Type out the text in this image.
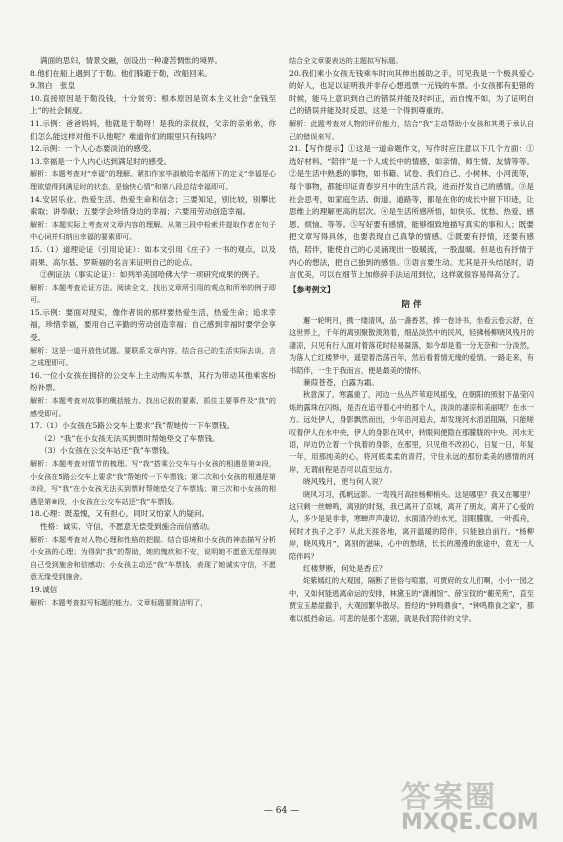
满面的思妇，情景交融，创设出一种凄苦惆怅的境界。
8.他们在船上遇到了于勒。他们躲避于勒，改船回来。
9.煞白　张皇
10.直接原因是于勒没钱，十分贫穷；根本原因是资本主义社会“金钱至上”的社会制度。
11.示例：爸爸妈妈，他就是于勒呀！是我的亲叔叔，父亲的亲弟弟，你们怎么能这样对他不认他呢？难道你们的眼里只有钱吗？
12.示例：一个人心态要淡泊的感受。
13.幸福是一个人内心达到满足时的感受。
解析：本题考查对“幸福”的理解。紧扣作家毕淑敏给幸福所下的定义“幸福是心理欲望得到满足时的状态，是愉快心情”和第八段总结幸福即可。
14.安居乐业、热爱生活、热爱生命和信念；三要知足，别比较，别攀比索取；讲奉献；五要学会珍惜身边的幸福；六要用劳动创造幸福。
解析：本题实际上考查对文章内容的理解。从第三段中检索并提取作者在句子中心词并归纳出幸福的要素即可。
15.（1）道理论证（引用论证）：如本文引用《庄子》一书的观点，以及雨果、高尔基、罗斯福的名言来证明自己的论点。
②例证法（事实论证）：如列举美国哈佛大学一项研究成果的例子。
解析：本题考查论证方法。阅读全文，找出文章所引用的观点和所举的例子即可。
15.示例：要面对现实，像作者说的那样要热爱生活，热爱生命；追求幸福，珍惜幸福，要用自己辛勤的劳动创造幸福；自己感到幸福时要学会享受。
解析：这是一道开放性试题。要联系文章内容，结合自己的生活实际去谈，言之成理即可。
16.一位小女孩在拥挤的公交车上主动购买车票，其行为带动其他乘客纷纷补票。
解析：本题考查对故事的概括能力。找出记叙的要素，抓住主要事件及“我”的感受即可。
17.（1）小女孩在5路公交车上要求“我”帮她传一下车票钱。
（2）“我”在小女孩无法买到票时帮她垫交了车票钱。
（3）小女孩在公交车站还“我”车票钱。
解析：本题考查对情节的梳理。写“我”搭乘公交车与小女孩的相遇是第②段，小女孩在5路公交车上要求“我”帮她传一下车票钱；第二次和小女孩的相遇是第⑦段，写“我”在小女孩无法买到票时帮她垫交了车票钱；第三次和小女孩的相遇是第⑧段，小女孩在公交车站还“我”车票钱。
18.心理：既羞愧，又有担心，同时又怕家人的疑问。
性格：诚实、守信，不愿意无偿受到施合而信感动。
解析：本题考查对人物心理和性格的把握。结合语境和小女孩的神态描写分析小女孩的心理；为得到“我”的帮助，她的愧疚和不安，说明她不愿意无偿得到自己受到施舍和信感动；小女孩主动还“我”车票钱，表现了她诚实守信，不愿意无缘受到施舍。
19.诚信
解析：本题考查拟写标题的能力。文章标题要简洁明了，
结合全文章要表达的主题拟写标题。
20.我们乘小女孩无钱乘车时向其伸出援助之手，可见我是一个极具爱心的好人，也足以证明我并非存心想逃票一元钱的车票。小女孩都有犯错的时候，能马上意识到自己的错误并能及时纠正，而自愧不如，为了证明自己的错误并能及时反思，这是一个得到尊重的。
解析：此题考查对人物的评价能力，结合“我”主动帮助小女孩和其勇于承认自己的错误来写。
21.【写作提示】①这是一道命题作文，写作时应注意以下几个方面：①选好材料。“陪伴”是一个人成长中的情感，如亲情、师生情、友情等等。②是生活中熟悉的事物，如书籍、试卷、我们自己、小树林、小河流等，每个事物，都能印证青春岁月中的生活片段，进而抒发自己的感情。③是社会思考，如家庭生活、街道、道路等，都是在你的成长中留下印迹，让思维上的理解更高的层次。④是生活所感所悟，如快乐、忧愁、热爱、感恩、烦恼、等等。⑤写好要有感情，能够细致地描写真实的事和人；既要把文章写得具体，也要表现自己真挚的情感。②既要有抒情，还要有感悟，陪伴，能使自己的心灵涌现出一股暖流，一股温暖。但是也有抒情于内心的想法，把自己独到的感悟。③语言要生动。尤其是开头结尾时，语言优美，可以在细节上加修辞手法运用到位，这样就很容易得高分了。
【参考例文】
陪 伴
邂一轮明月，携一缕清风，品一盏香茗，捧一卷诗书，坐看云卷云舒，在这世界上，千年的离别聚散羡煞着，细品淡然中的民风，轻拂杨柳晓风残月的凄凉，只见有行人面对着落花时轻易凝落，如今却是着一分无奈和一分淡然，为落人亡红楼梦中，遥望着浩荡百年，然后看着情无缘的爱情。一路走来，有书陪伴，一生于我而言，便是最美的情怀。
蒹葭苍苍，白露为霜。
秋意深了，寒露重了，河边一丛丛芦苇迎风摇曳，在朝阳的照射下晶莹闪烁的露珠在闪烁，是否在追寻着心中的那个人，淡淡的凄凉和美丽呢？在水一方。远处伊人，身影飘然而出，少年沿河追去，却发现河水滔滔阻隔，只能嗟叹着伊人在水中央，伊人的身影在风中，转眼间便隐在那朦胧的中央。河水无语，岸边仍立着一个执着的身影，在那里，只见他不改初心，日复一日，年复一年，用那纯美的心，将河底柔柔的青荇，守住永远的那份柔美的感情的河岸，无谓前程是否可以直至远方。
晓风残月，更与何人说？
晓风习习，孤帆远影。一弯残月高挂杨柳梢头。这是哪里？我又在哪里？这只剩一丝蝉鸣，离别的时刻，我已离开了京城，离开了朋友，离开了心爱的人，多少是是非非，寒蝉声声凄切，水面清冷的水光，泪眼朦胧，一叶孤舟，何时才执子之手？从此天涯各地，离开温暖的陪伴，只能独自前行。“杨柳岸，晓风残月”，离别的滋味，心中的愁绪，长长的漫漫的旅途中，竟无一人陪伴吗？
红楼梦断，何处是香丘？
姹紫嫣红的大观园，隔断了世俗与喧嚣，可贾府的女儿们啊，小小一园之中，又如何能逃离命运的安排，林黛玉的“潇湘馆”、薛宝钗的“蘅芜苑”，直至贾宝玉悬崖撒手，大观园繁华散尽。曾经的“钟鸣鼎食”，“钟鸣鼎食之家”，都难以抵挡命运。可悲的是那个悲剧，就是我们陪伴的文学。
— 64 —	答案圈
MXQE.COM
